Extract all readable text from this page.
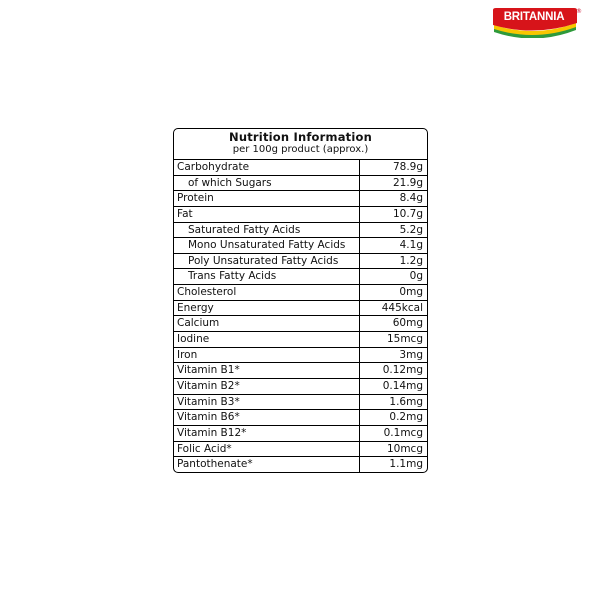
BRITANNIA	®
Nutrition Information
per 100g product (approx.)
Carbohydrate	78.9g
of which Sugars	21.9g
Protein	8.4g
Fat	10.7g
Saturated Fatty Acids	5.2g
Mono Unsaturated Fatty Acids	4.1g
Poly Unsaturated Fatty Acids	1.2g
Trans Fatty Acids	0g
Cholesterol	0mg
Energy	445kcal
Calcium	60mg
Iodine	15mcg
Iron	3mg
Vitamin B1*	0.12mg
Vitamin B2*	0.14mg
Vitamin B3*	1.6mg
Vitamin B6*	0.2mg
Vitamin B12*	0.1mcg
Folic Acid*	10mcg
Pantothenate*	1.1mg
